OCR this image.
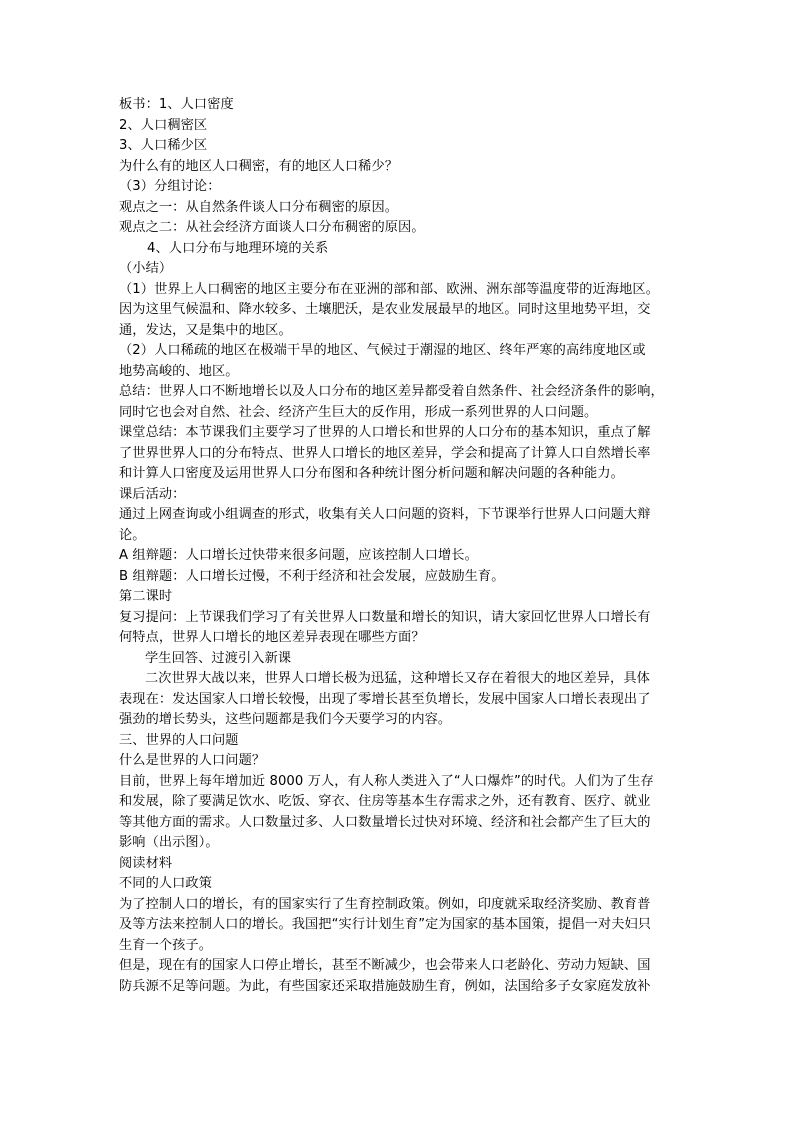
板书：1、人口密度
2、人口稠密区
3、人口稀少区
为什么有的地区人口稠密，有的地区人口稀少？
（3）分组讨论：
观点之一：从自然条件谈人口分布稠密的原因。
观点之二：从社会经济方面谈人口分布稠密的原因。
4、人口分布与地理环境的关系
（小结）
（1）世界上人口稠密的地区主要分布在亚洲的部和部、欧洲、洲东部等温度带的近海地区。
因为这里气候温和、降水较多、土壤肥沃，是农业发展最早的地区。同时这里地势平坦，交
通，发达，又是集中的地区。
（2）人口稀疏的地区在极端干旱的地区、气候过于潮湿的地区、终年严寒的高纬度地区或
地势高峻的、地区。
总结：世界人口不断地增长以及人口分布的地区差异都受着自然条件、社会经济条件的影响，
同时它也会对自然、社会、经济产生巨大的反作用，形成一系列世界的人口问题。
课堂总结：本节课我们主要学习了世界的人口增长和世界的人口分布的基本知识，重点了解
了世界世界人口的分布特点、世界人口增长的地区差异，学会和提高了计算人口自然增长率
和计算人口密度及运用世界人口分布图和各种统计图分析问题和解决问题的各种能力。
课后活动：
通过上网查询或小组调查的形式，收集有关人口问题的资料，下节课举行世界人口问题大辩
论。
A 组辩题：人口增长过快带来很多问题，应该控制人口增长。
B 组辩题：人口增长过慢，不利于经济和社会发展，应鼓励生育。
第二课时
复习提问：上节课我们学习了有关世界人口数量和增长的知识，请大家回忆世界人口增长有
何特点，世界人口增长的地区差异表现在哪些方面？
学生回答、过渡引入新课
二次世界大战以来，世界人口增长极为迅猛，这种增长又存在着很大的地区差异，具体
表现在：发达国家人口增长较慢，出现了零增长甚至负增长，发展中国家人口增长表现出了
强劲的增长势头，这些问题都是我们今天要学习的内容。
三、世界的人口问题
什么是世界的人口问题？
目前，世界上每年增加近 8000 万人，有人称人类进入了“人口爆炸”的时代。人们为了生存
和发展，除了要满足饮水、吃饭、穿衣、住房等基本生存需求之外，还有教育、医疗、就业
等其他方面的需求。人口数量过多、人口数量增长过快对环境、经济和社会都产生了巨大的
影响（出示图）。
阅读材料
不同的人口政策
为了控制人口的增长，有的国家实行了生育控制政策。例如，印度就采取经济奖励、教育普
及等方法来控制人口的增长。我国把“实行计划生育”定为国家的基本国策，提倡一对夫妇只
生育一个孩子。
但是，现在有的国家人口停止增长，甚至不断减少，也会带来人口老龄化、劳动力短缺、国
防兵源不足等问题。为此，有些国家还采取措施鼓励生育，例如，法国给多子女家庭发放补
